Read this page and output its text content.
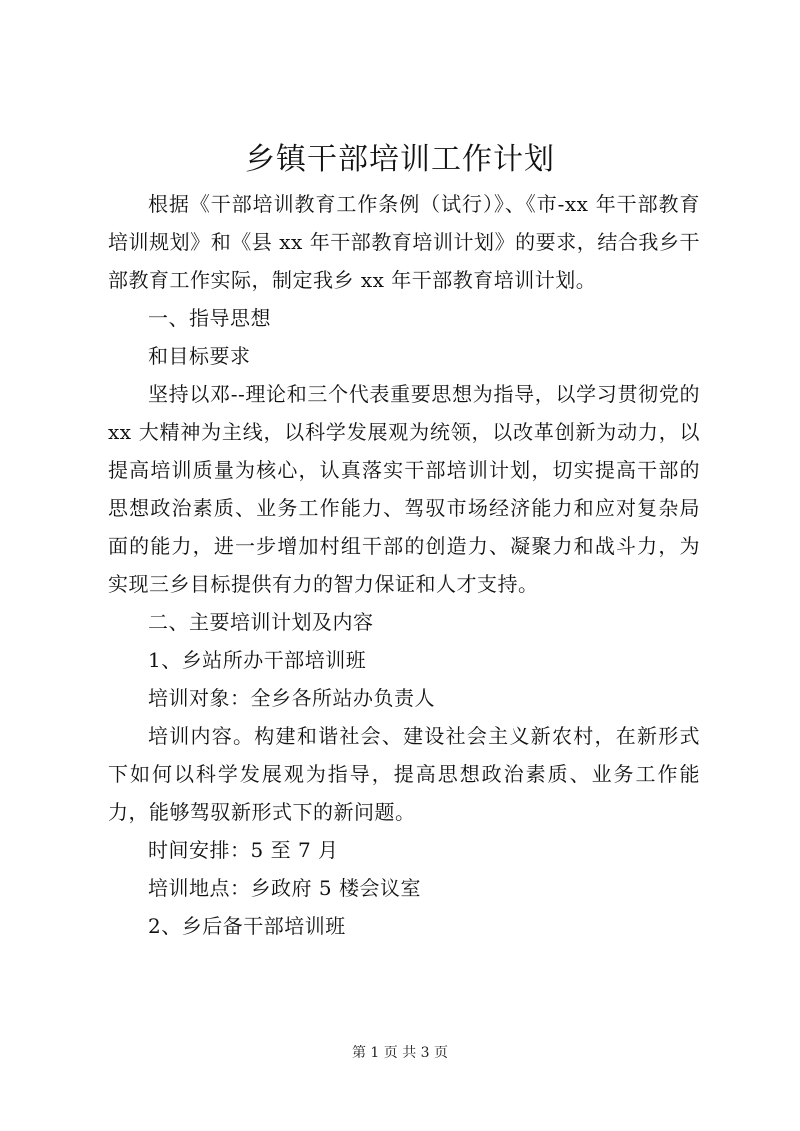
乡镇干部培训工作计划

根据《干部培训教育工作条例（试行）》、《市-xx 年干部教育培训规划》和《县 xx 年干部教育培训计划》的要求，结合我乡干部教育工作实际，制定我乡 xx 年干部教育培训计划。

一、指导思想

和目标要求

坚持以邓--理论和三个代表重要思想为指导，以学习贯彻党的 xx 大精神为主线，以科学发展观为统领，以改革创新为动力，以提高培训质量为核心，认真落实干部培训计划，切实提高干部的思想政治素质、业务工作能力、驾驭市场经济能力和应对复杂局面的能力，进一步增加村组干部的创造力、凝聚力和战斗力，为实现三乡目标提供有力的智力保证和人才支持。

二、主要培训计划及内容

1、乡站所办干部培训班

培训对象：全乡各所站办负责人

培训内容。构建和谐社会、建设社会主义新农村，在新形式下如何以科学发展观为指导，提高思想政治素质、业务工作能力，能够驾驭新形式下的新问题。

时间安排：5 至 7 月

培训地点：乡政府 5 楼会议室

2、乡后备干部培训班

第 1 页 共 3 页
